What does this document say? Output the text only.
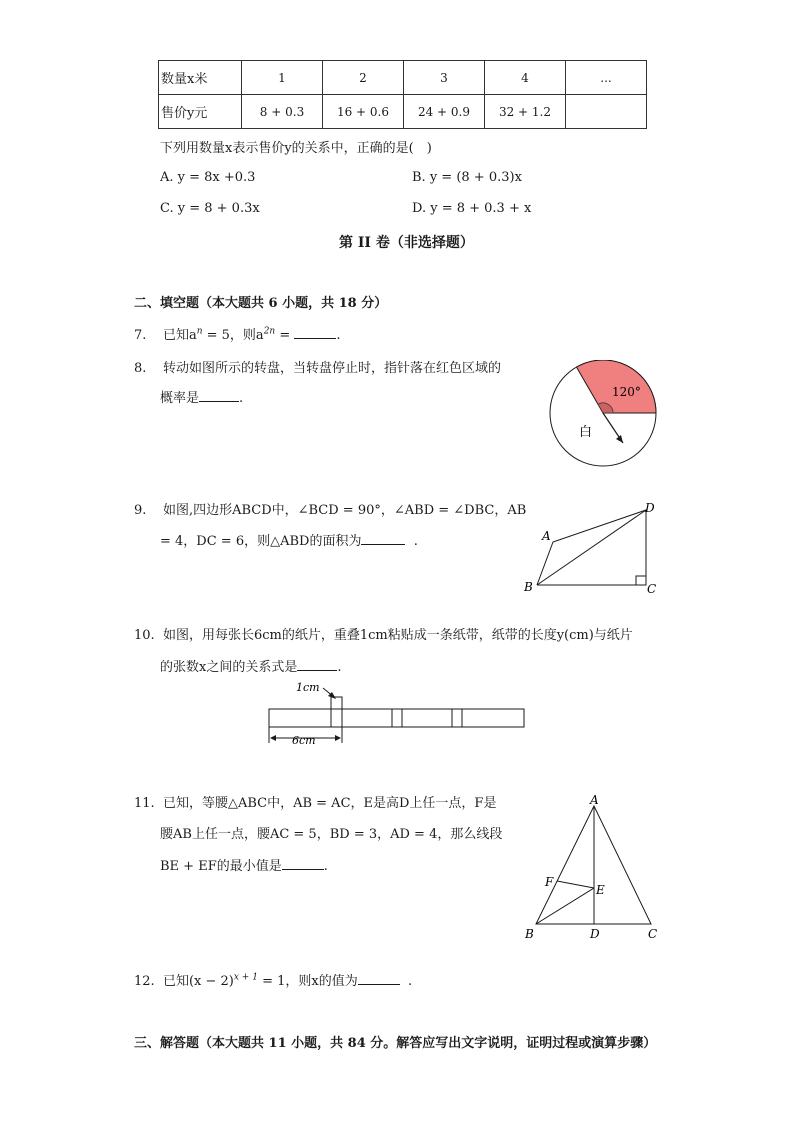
数量x米	1	2	3	4	...
售价y元	8 + 0.3	16 + 0.6	24 + 0.9	32 + 1.2	
下列用数量x表示售价y的关系中，正确的是(　)
A. y = 8x +0.3	B. y = (8 + 0.3)x
C. y = 8 + 0.3x	D. y = 8 + 0.3 + x
第 II 卷（非选择题）
二、填空题（本大题共 6 小题，共 18 分）
7. 已知$a^n = 5$，则$a^{2n}$ =	.
8. 转动如图所示的转盘，当转盘停止时，指针落在红色区域的
概率是	.	120°
白
9. 如图,四边形ABCD中，∠BCD = 90°，∠ABD = ∠DBC，AB
= 4，DC = 6，则△ABD的面积为	.	A
B	C
D
10. 如图，用每张长6cm的纸片，重叠1cm粘贴成一条纸带，纸带的长度y(cm)与纸片
的张数x之间的关系式是	.
1cm
6cm
11. 已知，等腰△ABC中，AB = AC，E是高D上任一点，F是
腰AB上任一点，腰AC = 5，BD = 3，AD = 4，那么线段
BE + EF的最小值是	.
A
B	D	C
E
F
12. 已知$(x - 2)^{x + 1} = 1$，则x的值为	.
三、解答题（本大题共 11 小题，共 84 分。解答应写出文字说明，证明过程或演算步骤）
